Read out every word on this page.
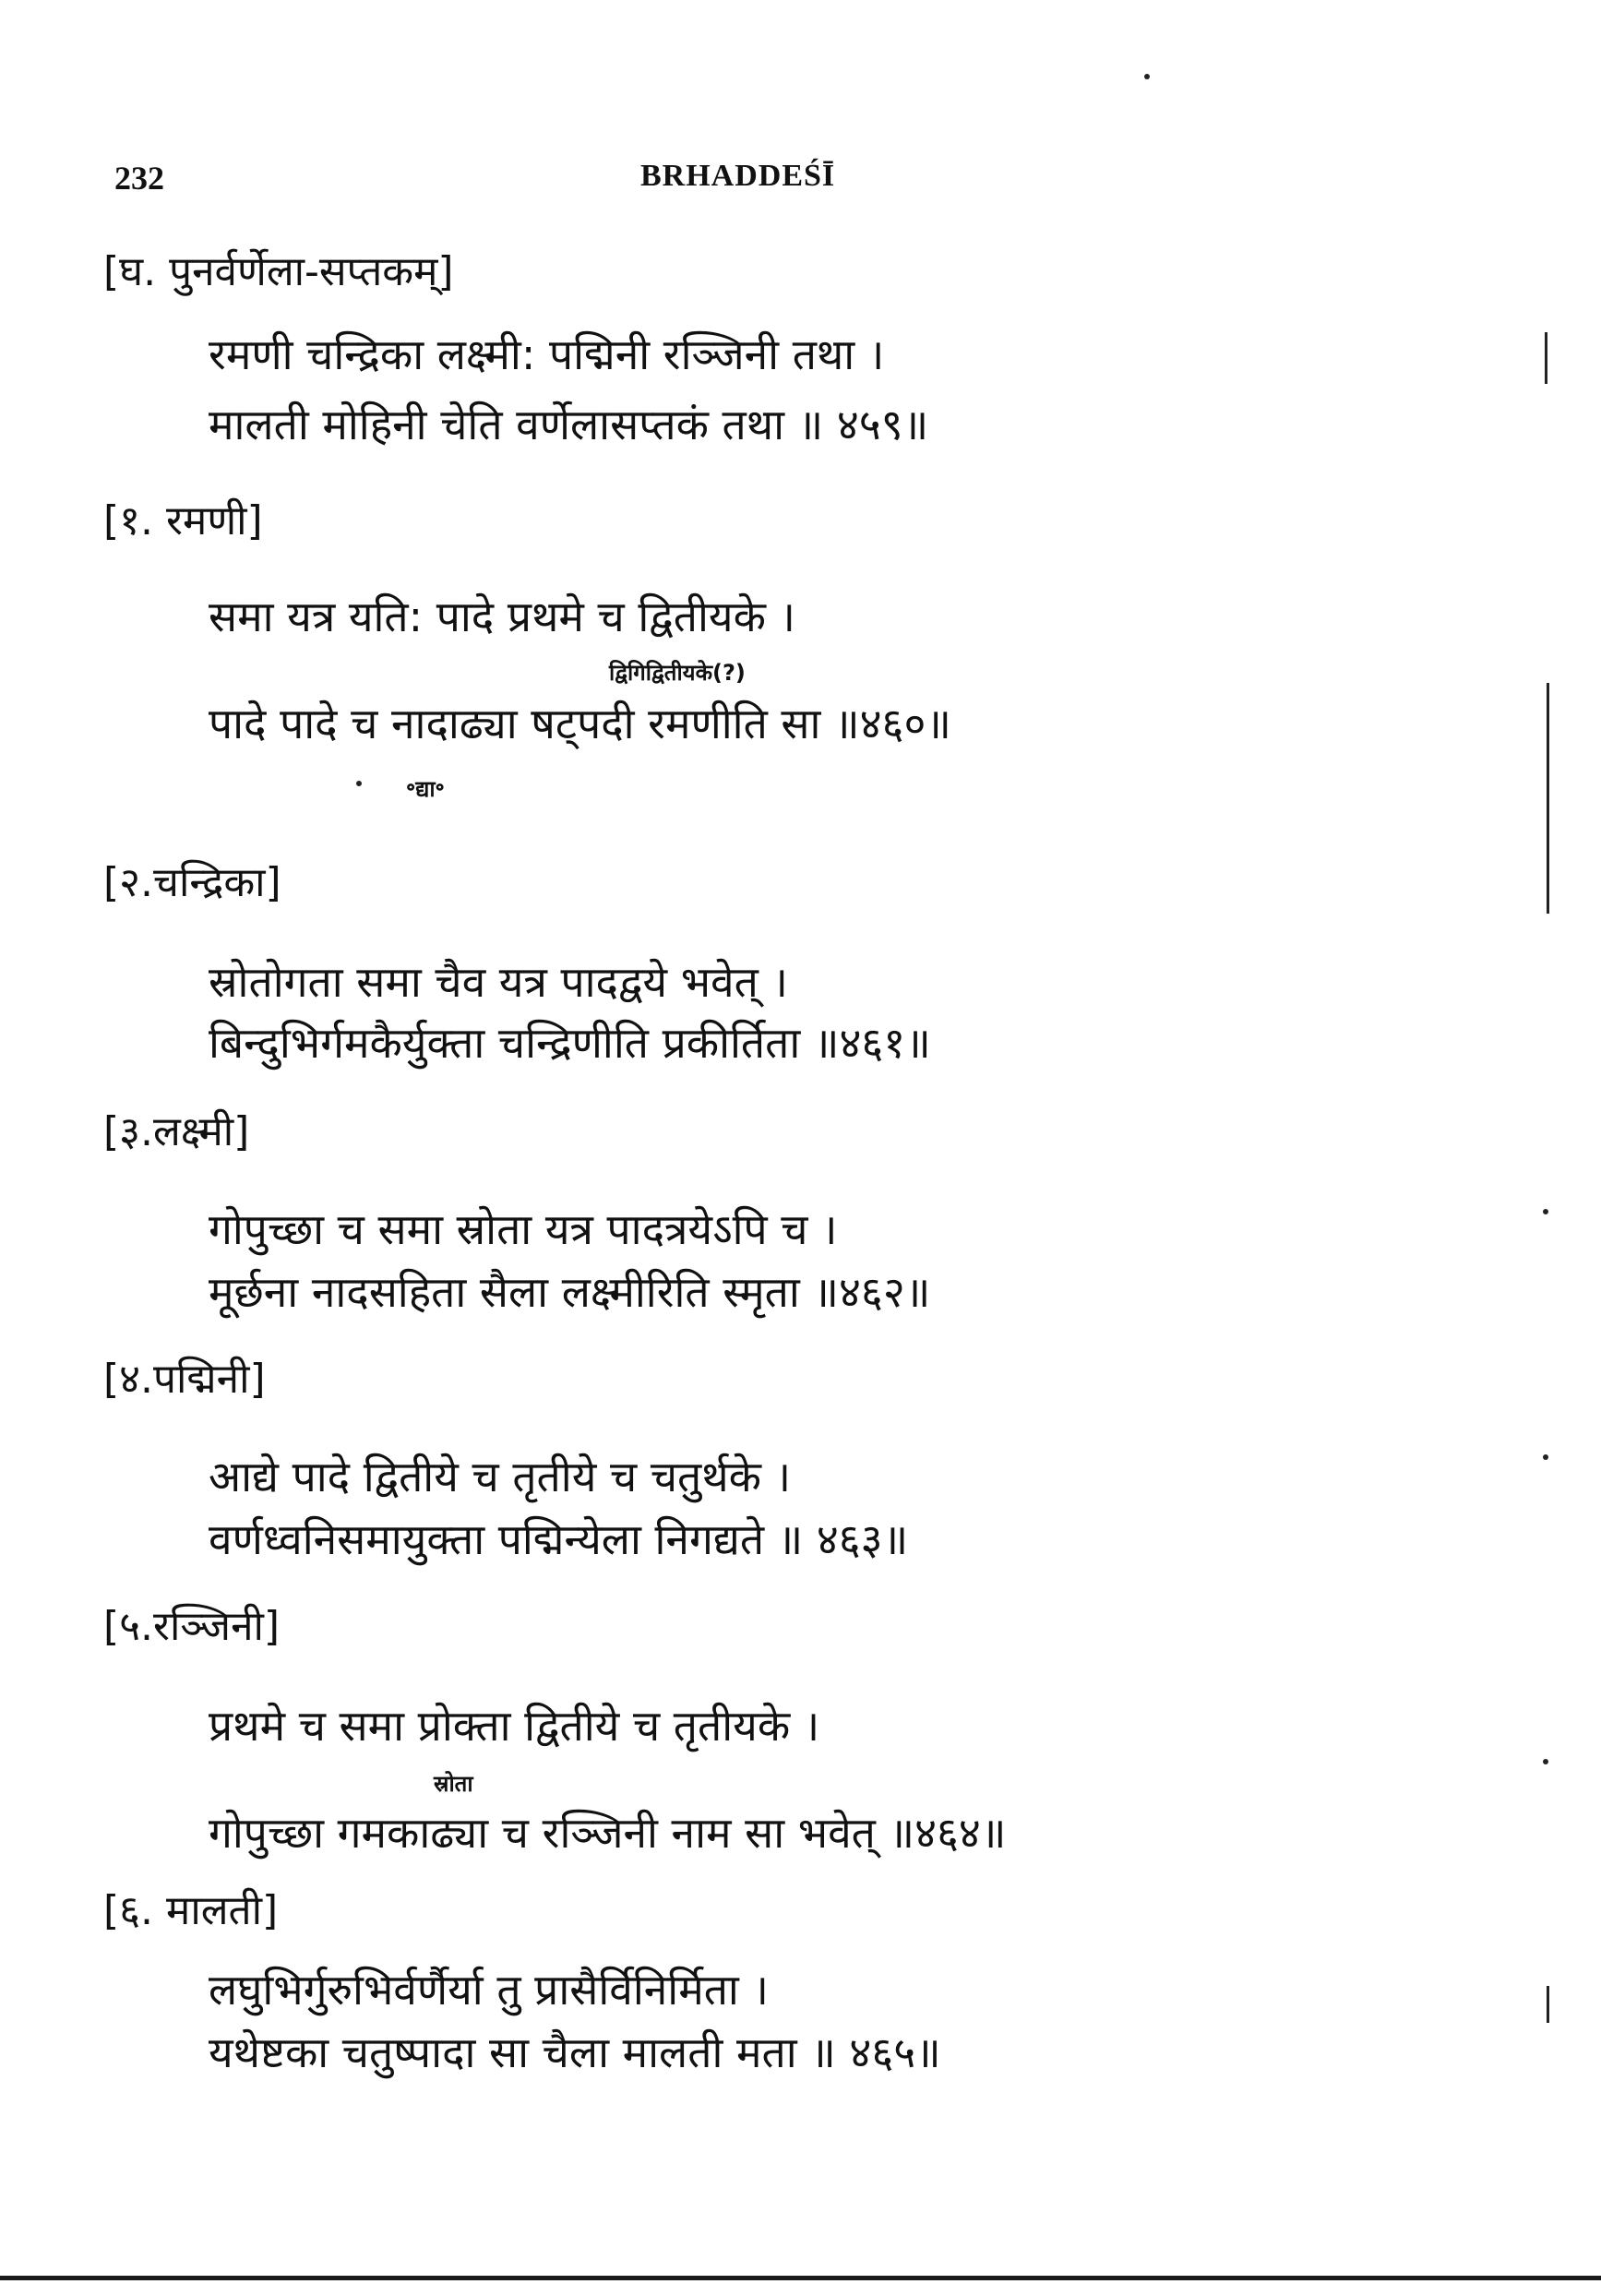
232	BRHADDEŚĪ
[घ. पुनर्वर्णेला-सप्तकम्]
रमणी चन्द्रिका लक्ष्मी: पद्मिनी रञ्जिनी तथा ।
मालती मोहिनी चेति वर्णेलासप्तकं तथा ॥ ४५९॥
[१. रमणी]
समा यत्र यति: पादे प्रथमे च द्वितीयके ।
द्विगिद्वितीयके(?)
पादे पादे च नादाढ्या षट्पदी रमणीति सा ॥४६०॥
॰द्या॰
[२.चन्द्रिका]
स्रोतोगता समा चैव यत्र पादद्वये भवेत् ।
बिन्दुभिर्गमकैर्युक्ता चन्द्रिणीति प्रकीर्तिता ॥४६१॥
[३.लक्ष्मी]
गोपुच्छा च समा स्रोता यत्र पादत्रयेऽपि च ।
मूर्छना नादसहिता सैला लक्ष्मीरिति स्मृता ॥४६२॥
[४.पद्मिनी]
आद्ये पादे द्वितीये च तृतीये च चतुर्थके ।
वर्णध्वनिसमायुक्ता पद्मिन्येला निगद्यते ॥ ४६३॥
[५.रञ्जिनी]
प्रथमे च समा प्रोक्ता द्वितीये च तृतीयके ।
स्रोता
गोपुच्छा गमकाढ्या च रञ्जिनी नाम सा भवेत् ॥४६४॥
[६. मालती]
लघुभिर्गुरुभिर्वर्णैर्या तु प्रासैर्विनिर्मिता ।
यथेष्टका चतुष्पादा सा चैला मालती मता ॥ ४६५॥
